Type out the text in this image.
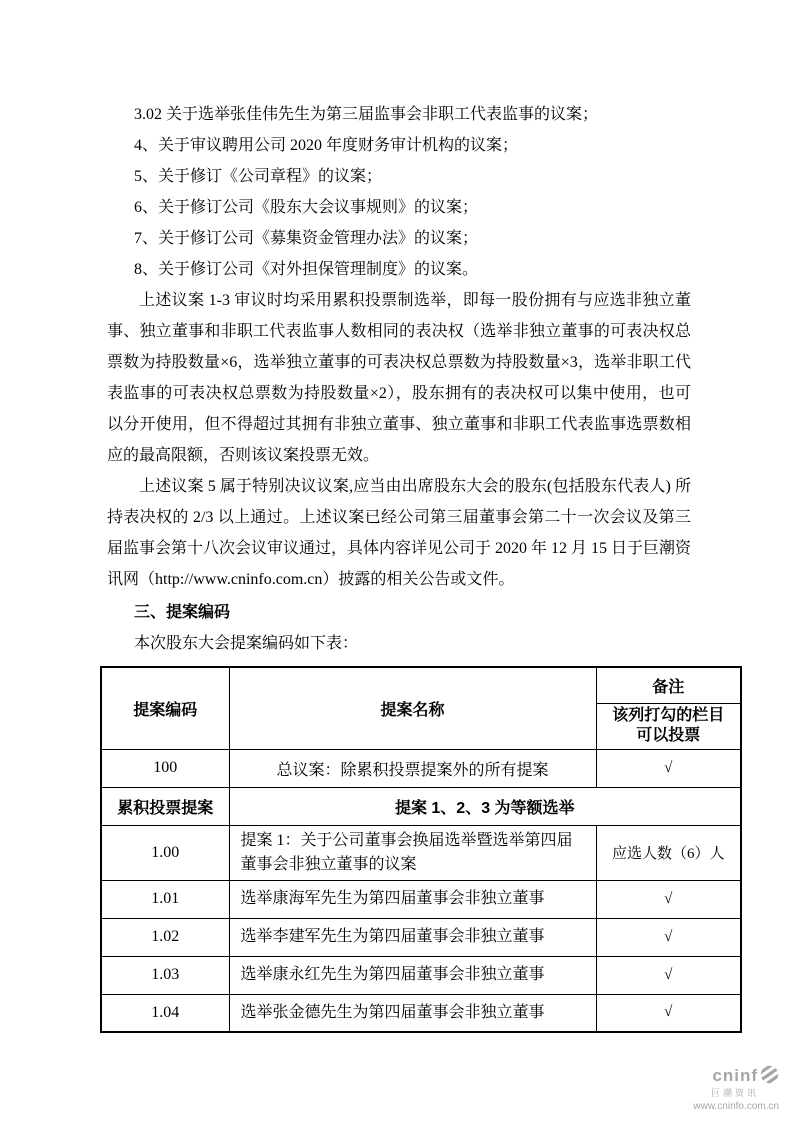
3.02 关于选举张佳伟先生为第三届监事会非职工代表监事的议案；
4、关于审议聘用公司 2020 年度财务审计机构的议案；
5、关于修订《公司章程》的议案；
6、关于修订公司《股东大会议事规则》的议案；
7、关于修订公司《募集资金管理办法》的议案；
8、关于修订公司《对外担保管理制度》的议案。
上述议案 1-3 审议时均采用累积投票制选举，即每一股份拥有与应选非独立董事、独立董事和非职工代表监事人数相同的表决权（选举非独立董事的可表决权总票数为持股数量×6，选举独立董事的可表决权总票数为持股数量×3，选举非职工代表监事的可表决权总票数为持股数量×2），股东拥有的表决权可以集中使用，也可以分开使用，但不得超过其拥有非独立董事、独立董事和非职工代表监事选票数相应的最高限额，否则该议案投票无效。
上述议案 5 属于特别决议议案,应当由出席股东大会的股东(包括股东代表人) 所持表决权的 2/3 以上通过。上述议案已经公司第三届董事会第二十一次会议及第三届监事会第十八次会议审议通过，具体内容详见公司于 2020 年 12 月 15 日于巨潮资讯网（http://www.cninfo.com.cn）披露的相关公告或文件。
三、提案编码
本次股东大会提案编码如下表：
提案编码	提案名称	备注

		该列打勾的栏目可以投票

100	总议案：除累积投票提案外的所有提案	√
累积投票提案	提案 1、2、3 为等额选举	
1.00	提案 1：关于公司董事会换届选举暨选举第四届董事会非独立董事的议案	应选人数（6）人
1.01	选举康海军先生为第四届董事会非独立董事	√
1.02	选举李建军先生为第四届董事会非独立董事	√
1.03	选举康永红先生为第四届董事会非独立董事	√
1.04	选举张金德先生为第四届董事会非独立董事	√
cninf
巨潮资讯
www.cninfo.com.cn
